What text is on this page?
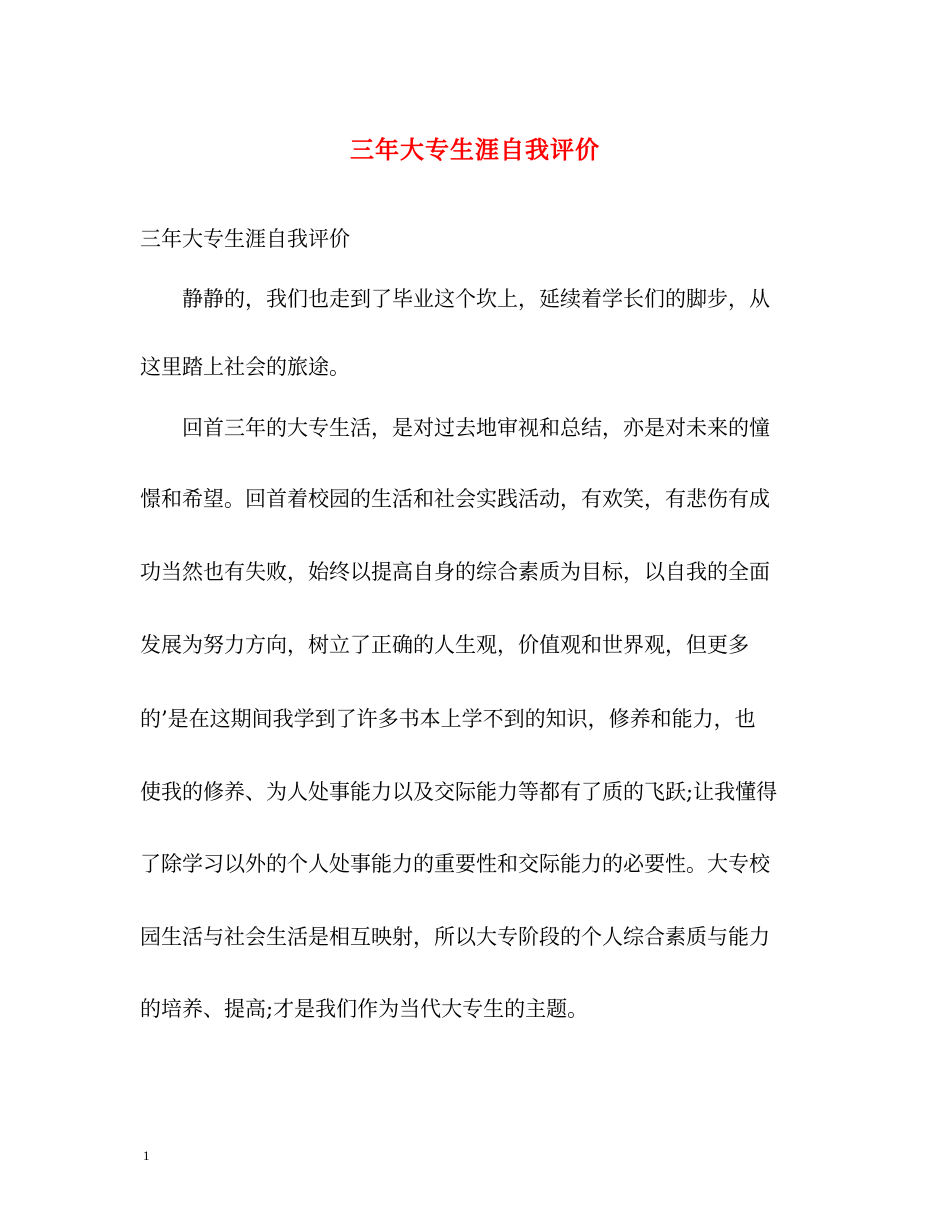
三年大专生涯自我评价
三年大专生涯自我评价
静静的，我们也走到了毕业这个坎上，延续着学长们的脚步，从
这里踏上社会的旅途。
回首三年的大专生活，是对过去地审视和总结，亦是对未来的憧
憬和希望。回首着校园的生活和社会实践活动，有欢笑，有悲伤有成
功当然也有失败，始终以提高自身的综合素质为目标，以自我的全面
发展为努力方向，树立了正确的人生观，价值观和世界观，但更多
的’是在这期间我学到了许多书本上学不到的知识，修养和能力，也
使我的修养、为人处事能力以及交际能力等都有了质的飞跃;让我懂得
了除学习以外的个人处事能力的重要性和交际能力的必要性。大专校
园生活与社会生活是相互映射，所以大专阶段的个人综合素质与能力
的培养、提高;才是我们作为当代大专生的主题。
1
